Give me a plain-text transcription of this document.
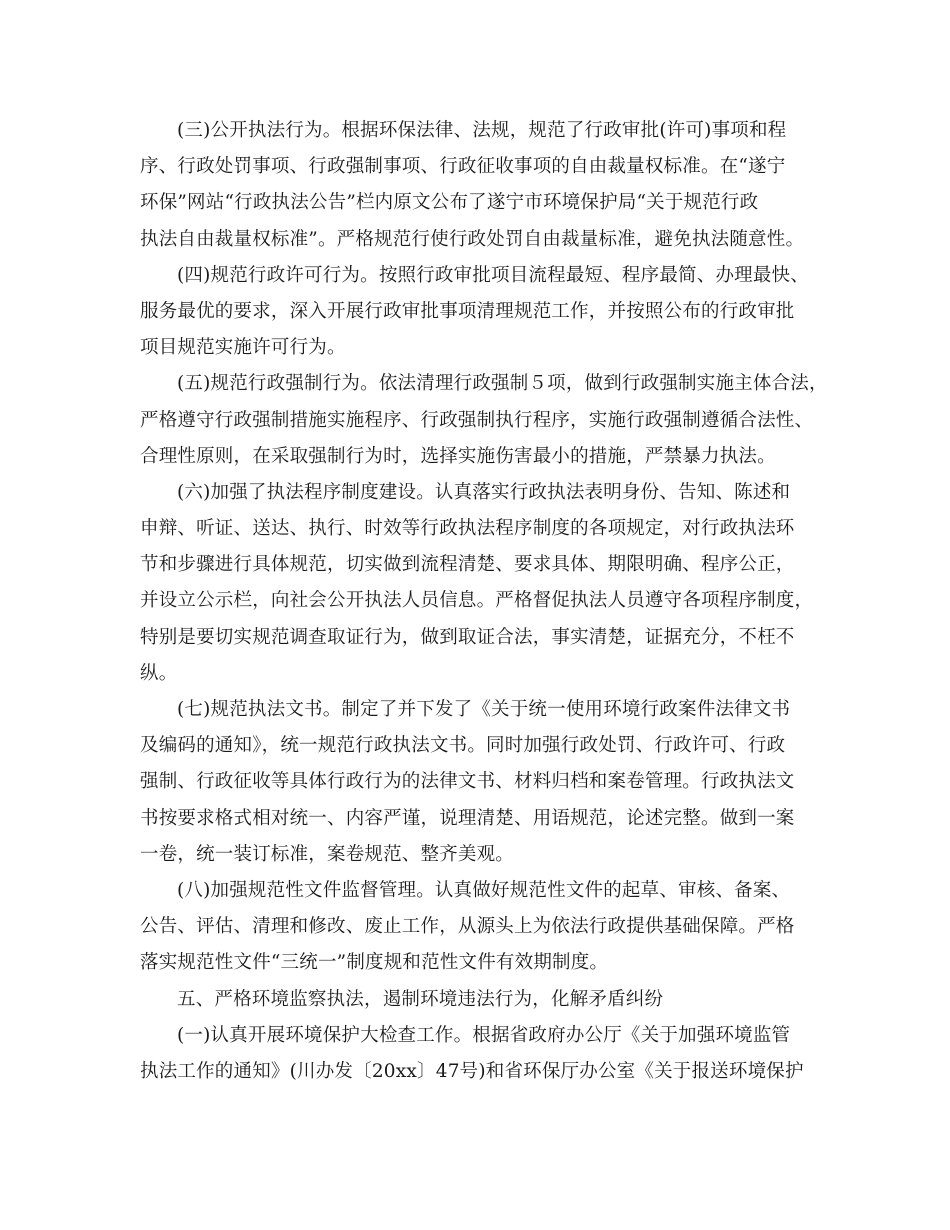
(三)公开执法行为。根据环保法律、法规，规范了行政审批(许可)事项和程
序、行政处罚事项、行政强制事项、行政征收事项的自由裁量权标准。在“遂宁
环保”网站“行政执法公告”栏内原文公布了遂宁市环境保护局“关于规范行政
执法自由裁量权标准”。严格规范行使行政处罚自由裁量标准，避免执法随意性。
(四)规范行政许可行为。按照行政审批项目流程最短、程序最简、办理最快、
服务最优的要求，深入开展行政审批事项清理规范工作，并按照公布的行政审批
项目规范实施许可行为。
(五)规范行政强制行为。依法清理行政强制５项，做到行政强制实施主体合法，
严格遵守行政强制措施实施程序、行政强制执行程序，实施行政强制遵循合法性、
合理性原则，在采取强制行为时，选择实施伤害最小的措施，严禁暴力执法。
(六)加强了执法程序制度建设。认真落实行政执法表明身份、告知、陈述和
申辩、听证、送达、执行、时效等行政执法程序制度的各项规定，对行政执法环
节和步骤进行具体规范，切实做到流程清楚、要求具体、期限明确、程序公正，
并设立公示栏，向社会公开执法人员信息。严格督促执法人员遵守各项程序制度，
特别是要切实规范调查取证行为，做到取证合法，事实清楚，证据充分，不枉不
纵。
(七)规范执法文书。制定了并下发了《关于统一使用环境行政案件法律文书
及编码的通知》，统一规范行政执法文书。同时加强行政处罚、行政许可、行政
强制、行政征收等具体行政行为的法律文书、材料归档和案卷管理。行政执法文
书按要求格式相对统一、内容严谨，说理清楚、用语规范，论述完整。做到一案
一卷，统一装订标准，案卷规范、整齐美观。
(八)加强规范性文件监督管理。认真做好规范性文件的起草、审核、备案、
公告、评估、清理和修改、废止工作，从源头上为依法行政提供基础保障。严格
落实规范性文件“三统一”制度规和范性文件有效期制度。
五、严格环境监察执法，遏制环境违法行为，化解矛盾纠纷
(一)认真开展环境保护大检查工作。根据省政府办公厅《关于加强环境监管
执法工作的通知》(川办发〔20xx〕47号)和省环保厅办公室《关于报送环境保护
